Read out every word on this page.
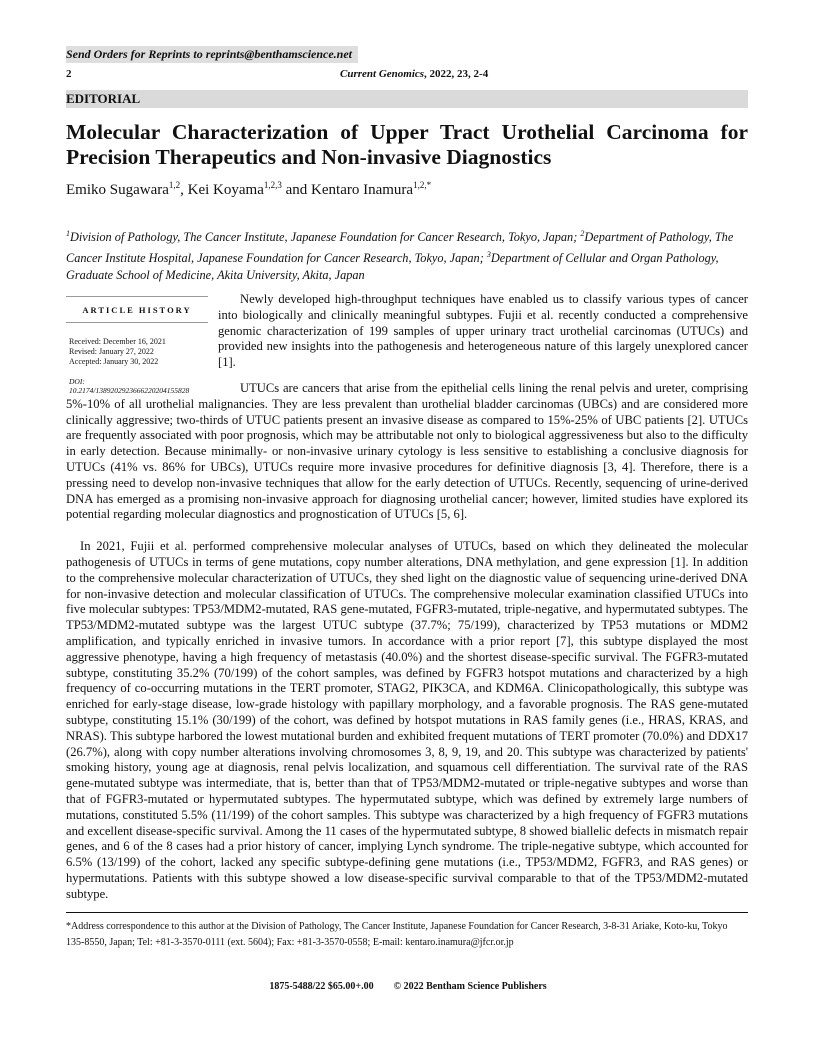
Send Orders for Reprints to reprints@benthamscience.net
2	Current Genomics, 2022, 23, 2-4
EDITORIAL
Molecular Characterization of Upper Tract Urothelial Carcinoma for Precision Therapeutics and Non-invasive Diagnostics
Emiko Sugawara$^{1,2}$, Kei Koyama$^{1,2,3}$ and Kentaro Inamura$^{1,2,*}$
$^1$Division of Pathology, The Cancer Institute, Japanese Foundation for Cancer Research, Tokyo, Japan; $^2$Department of Pathology, The Cancer Institute Hospital, Japanese Foundation for Cancer Research, Tokyo, Japan; $^3$Department of Cellular and Organ Pathology, Graduate School of Medicine, Akita University, Akita, Japan
ARTICLE HISTORY
Received: December 16, 2021
Revised: January 27, 2022
Accepted: January 30, 2022
DOI:
10.2174/1389202923666220204155828

Newly developed high-throughput techniques have enabled us to classify various types of cancer into biologically and clinically meaningful subtypes. Fujii et al. recently conducted a comprehensive genomic characterization of 199 samples of upper urinary tract urothelial carcinomas (UTUCs) and provided new insights into the pathogenesis and heterogeneous nature of this largely unexplored cancer [1].

UTUCs are cancers that arise from the epithelial cells lining the renal pelvis and ureter, comprising 5%-10% of all urothelial malignancies. They are less prevalent than urothelial bladder carcinomas (UBCs) and are considered more clinically aggressive; two-thirds of UTUC patients present an invasive disease as compared to 15%-25% of UBC patients [2]. UTUCs are frequently associated with poor prognosis, which may be attributable not only to biological aggressiveness but also to the difficulty in early detection. Because minimally- or non-invasive urinary cytology is less sensitive to establishing a conclusive diagnosis for UTUCs (41% vs. 86% for UBCs), UTUCs require more invasive procedures for definitive diagnosis [3, 4]. Therefore, there is a pressing need to develop non-invasive techniques that allow for the early detection of UTUCs. Recently, sequencing of urine-derived DNA has emerged as a promising non-invasive approach for diagnosing urothelial cancer; however, limited studies have explored its potential regarding molecular diagnostics and prognostication of UTUCs [5, 6].

In 2021, Fujii et al. performed comprehensive molecular analyses of UTUCs, based on which they delineated the molecular pathogenesis of UTUCs in terms of gene mutations, copy number alterations, DNA methylation, and gene expression [1]. In addition to the comprehensive molecular characterization of UTUCs, they shed light on the diagnostic value of sequencing urine-derived DNA for non-invasive detection and molecular classification of UTUCs. The comprehensive molecular examination classified UTUCs into five molecular subtypes: TP53/MDM2-mutated, RAS gene-mutated, FGFR3-mutated, triple-negative, and hypermutated subtypes. The TP53/MDM2-mutated subtype was the largest UTUC subtype (37.7%; 75/199), characterized by TP53 mutations or MDM2 amplification, and typically enriched in invasive tumors. In accordance with a prior report [7], this subtype displayed the most aggressive phenotype, having a high frequency of metastasis (40.0%) and the shortest disease-specific survival. The FGFR3-mutated subtype, constituting 35.2% (70/199) of the cohort samples, was defined by FGFR3 hotspot mutations and characterized by a high frequency of co-occurring mutations in the TERT promoter, STAG2, PIK3CA, and KDM6A. Clinicopathologically, this subtype was enriched for early-stage disease, low-grade histology with papillary morphology, and a favorable prognosis. The RAS gene-mutated subtype, constituting 15.1% (30/199) of the cohort, was defined by hotspot mutations in RAS family genes (i.e., HRAS, KRAS, and NRAS). This subtype harbored the lowest mutational burden and exhibited frequent mutations of TERT promoter (70.0%) and DDX17 (26.7%), along with copy number alterations involving chromosomes 3, 8, 9, 19, and 20. This subtype was characterized by patients' smoking history, young age at diagnosis, renal pelvis localization, and squamous cell differentiation. The survival rate of the RAS gene-mutated subtype was intermediate, that is, better than that of TP53/MDM2-mutated or triple-negative subtypes and worse than that of FGFR3-mutated or hypermutated subtypes. The hypermutated subtype, which was defined by extremely large numbers of mutations, constituted 5.5% (11/199) of the cohort samples. This subtype was characterized by a high frequency of FGFR3 mutations and excellent disease-specific survival. Among the 11 cases of the hypermutated subtype, 8 showed biallelic defects in mismatch repair genes, and 6 of the 8 cases had a prior history of cancer, implying Lynch syndrome. The triple-negative subtype, which accounted for 6.5% (13/199) of the cohort, lacked any specific subtype-defining gene mutations (i.e., TP53/MDM2, FGFR3, and RAS genes) or hypermutations. Patients with this subtype showed a low disease-specific survival comparable to that of the TP53/MDM2-mutated subtype.

*Address correspondence to this author at the Division of Pathology, The Cancer Institute, Japanese Foundation for Cancer Research, 3-8-31 Ariake, Koto-ku, Tokyo 135-8550, Japan; Tel: +81-3-3570-0111 (ext. 5604); Fax: +81-3-3570-0558; E-mail: kentaro.inamura@jfcr.or.jp
1875-5488/22 $65.00+.00 © 2022 Bentham Science Publishers
